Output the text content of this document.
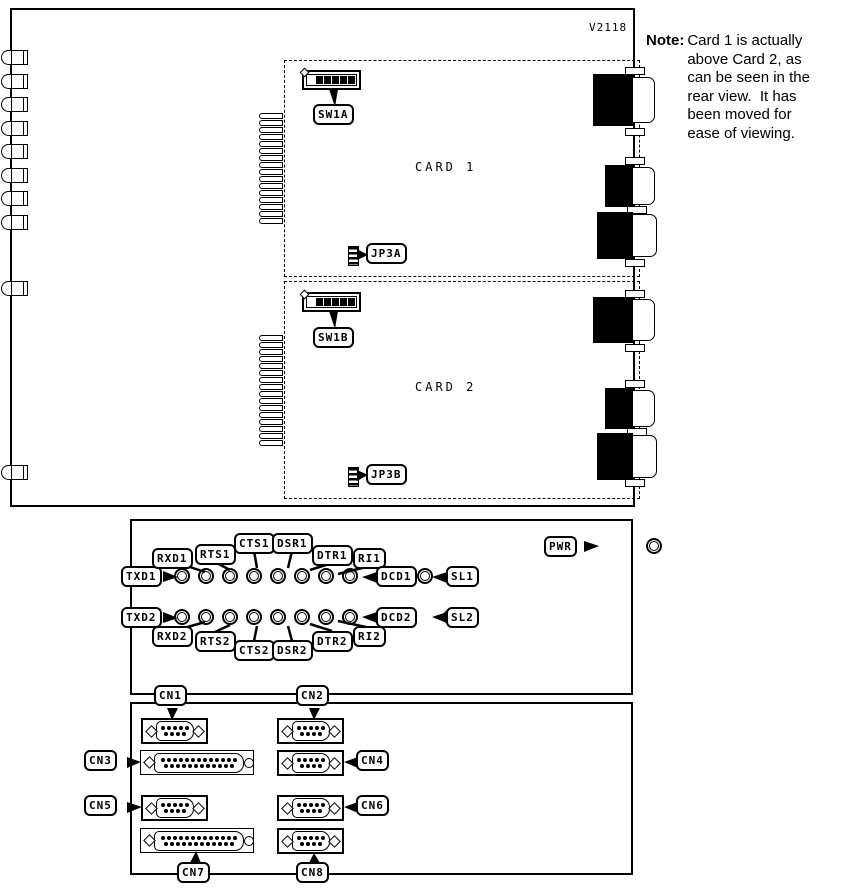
V2118
CARD 1
CARD 2
SW1A
JP3A
SW1B
JP3B
Note: Card 1 is actually
above Card 2, as
can be seen in the
rear view.  It has
been moved for
ease of viewing.

TXD1
RXD1	RTS1
CTS1 DSR1
DTR1 RI1
DCD1	SL1
PWR
TXD2
RXD2	RTS2
CTS2 DSR2
DTR2 RI2
DCD2	SL2
CN1	CN2
CN3	CN4
CN5	CN6
CN7	CN8
